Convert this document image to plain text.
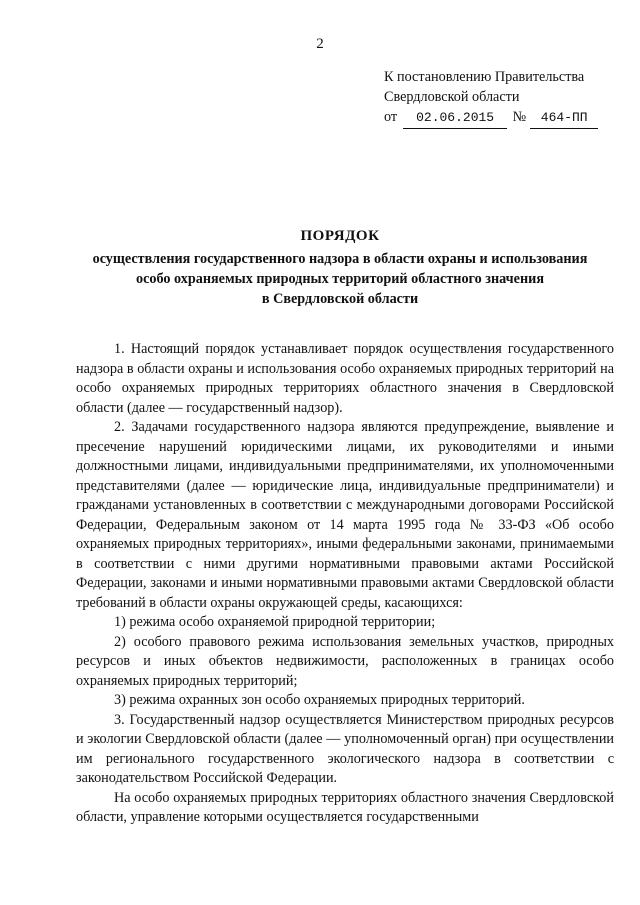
2
К постановлению Правительства
Свердловской области
от 02.06.2015 № 464-ПП
ПОРЯДОК
осуществления государственного надзора в области охраны и использования
особо охраняемых природных территорий областного значения
в Свердловской области

1. Настоящий порядок устанавливает порядок осуществления государственного надзора в области охраны и использования особо охраняемых природных территорий на особо охраняемых природных территориях областного значения в Свердловской области (далее — государственный надзор).

2. Задачами государственного надзора являются предупреждение, выявление и пресечение нарушений юридическими лицами, их руководителями и иными должностными лицами, индивидуальными предпринимателями, их уполномоченными представителями (далее — юридические лица, индивидуальные предприниматели) и гражданами установленных в соответствии с международными договорами Российской Федерации, Федеральным законом от 14 марта 1995 года № 33-ФЗ «Об особо охраняемых природных территориях», иными федеральными законами, принимаемыми в соответствии с ними другими нормативными правовыми актами Российской Федерации, законами и иными нормативными правовыми актами Свердловской области требований в области охраны окружающей среды, касающихся:

1) режима особо охраняемой природной территории;

2) особого правового режима использования земельных участков, природных ресурсов и иных объектов недвижимости, расположенных в границах особо охраняемых природных территорий;

3) режима охранных зон особо охраняемых природных территорий.

3. Государственный надзор осуществляется Министерством природных ресурсов и экологии Свердловской области (далее — уполномоченный орган) при осуществлении им регионального государственного экологического надзора в соответствии с законодательством Российской Федерации.

На особо охраняемых природных территориях областного значения Свердловской области, управление которыми осуществляется государственными
